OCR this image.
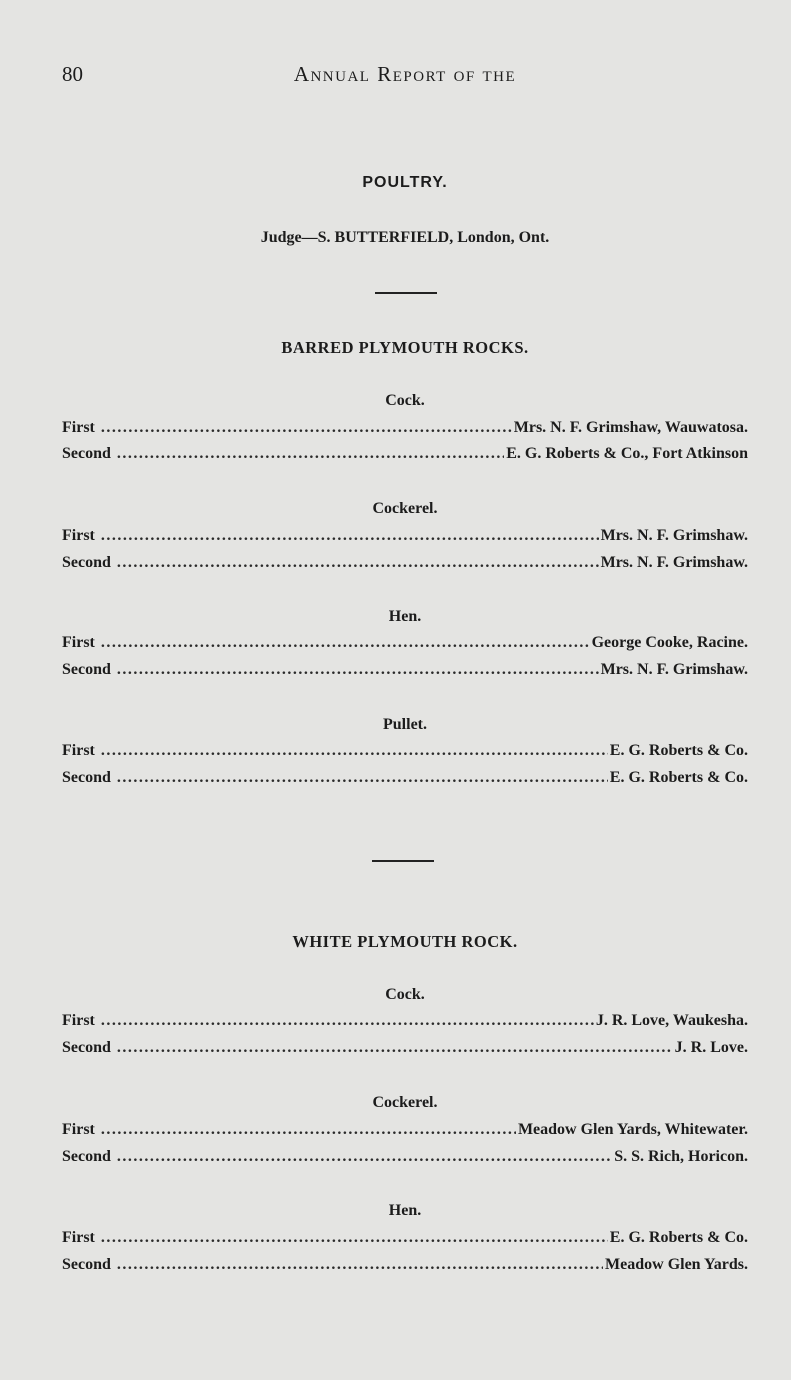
80	Annual Report of the
POULTRY.
Judge—S. BUTTERFIELD, London, Ont.
BARRED PLYMOUTH ROCKS.
Cock.
First .....	Mrs. N. F. Grimshaw, Wauwatosa.
Second .....	E. G. Roberts & Co., Fort Atkinson
Cockerel.
First .....	Mrs. N. F. Grimshaw.
Second .....	Mrs. N. F. Grimshaw.
Hen.
First .....	George Cooke, Racine.
Second .....	Mrs. N. F. Grimshaw.
Pullet.
First .....	E. G. Roberts & Co.
Second .....	E. G. Roberts & Co.
WHITE PLYMOUTH ROCK.
Cock.
First .....	J. R. Love, Waukesha.
Second .....	J. R. Love.
Cockerel.
First .....	Meadow Glen Yards, Whitewater.
Second .....	S. S. Rich, Horicon.
Hen.
First .....	E. G. Roberts & Co.
Second .....	Meadow Glen Yards.
